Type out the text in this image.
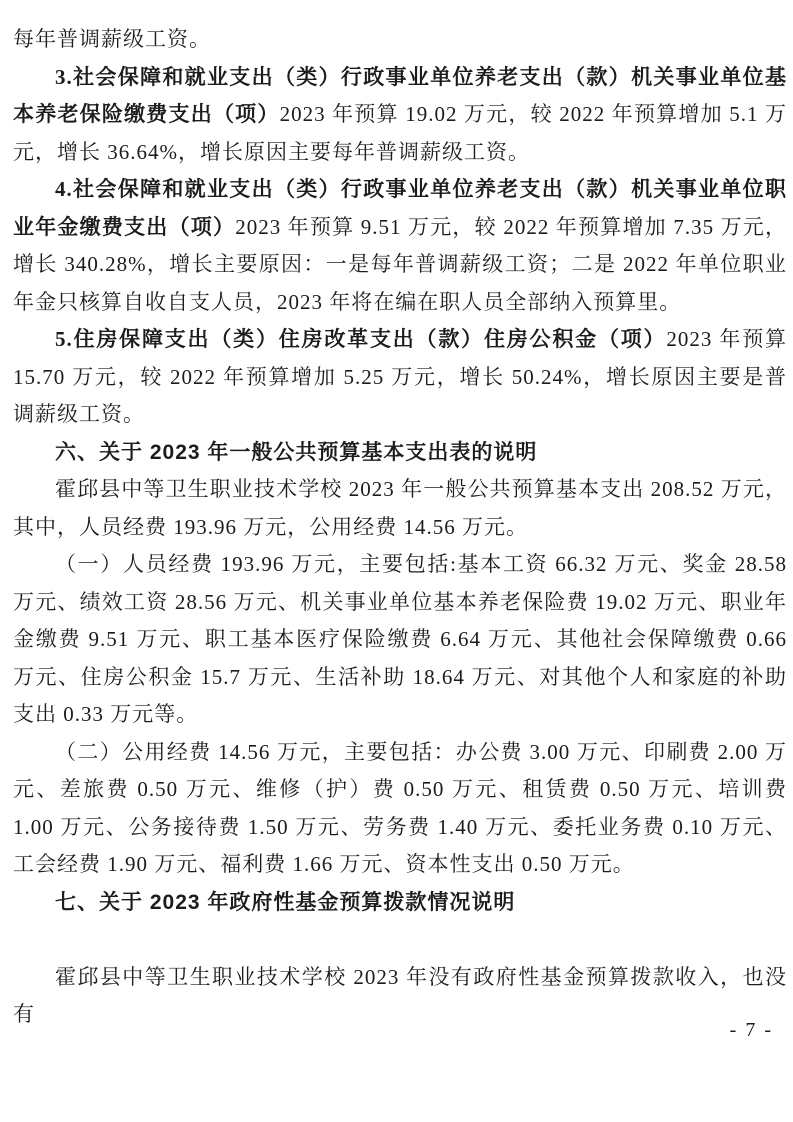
每年普调薪级工资。

3.社会保障和就业支出（类）行政事业单位养老支出（款）机关事业单位基本养老保险缴费支出（项）2023 年预算 19.02 万元，较 2022 年预算增加 5.1 万元，增长 36.64%，增长原因主要每年普调薪级工资。

4.社会保障和就业支出（类）行政事业单位养老支出（款）机关事业单位职业年金缴费支出（项）2023 年预算 9.51 万元，较 2022 年预算增加 7.35 万元，增长 340.28%，增长主要原因：一是每年普调薪级工资；二是 2022 年单位职业年金只核算自收自支人员，2023 年将在编在职人员全部纳入预算里。

5.住房保障支出（类）住房改革支出（款）住房公积金（项）2023 年预算 15.70 万元，较 2022 年预算增加 5.25 万元，增长 50.24%，增长原因主要是普调薪级工资。

六、关于 2023 年一般公共预算基本支出表的说明

霍邱县中等卫生职业技术学校 2023 年一般公共预算基本支出 208.52 万元，其中，人员经费 193.96 万元，公用经费 14.56 万元。

（一）人员经费 193.96 万元，主要包括:基本工资 66.32 万元、奖金 28.58 万元、绩效工资 28.56 万元、机关事业单位基本养老保险费 19.02 万元、职业年金缴费 9.51 万元、职工基本医疗保险缴费 6.64 万元、其他社会保障缴费 0.66 万元、住房公积金 15.7 万元、生活补助 18.64 万元、对其他个人和家庭的补助支出 0.33 万元等。

（二）公用经费 14.56 万元，主要包括：办公费 3.00 万元、印刷费 2.00 万元、差旅费 0.50 万元、维修（护）费 0.50 万元、租赁费 0.50 万元、培训费 1.00 万元、公务接待费 1.50 万元、劳务费 1.40 万元、委托业务费 0.10 万元、工会经费 1.90 万元、福利费 1.66 万元、资本性支出 0.50 万元。

七、关于 2023 年政府性基金预算拨款情况说明

霍邱县中等卫生职业技术学校 2023 年没有政府性基金预算拨款收入，也没有

- 7 -
